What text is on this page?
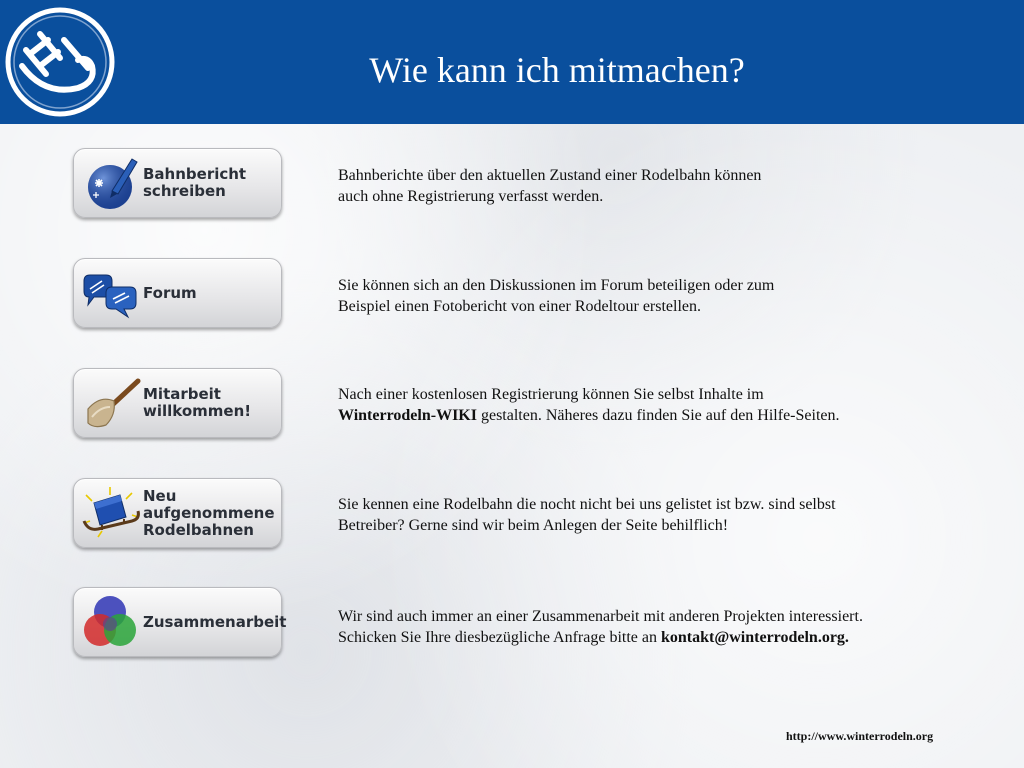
Wie kann ich mitmachen?
Bahnbericht
schreiben
Bahnberichte über den aktuellen Zustand einer Rodelbahn können
auch ohne Registrierung verfasst werden.
Forum	Sie können sich an den Diskussionen im Forum beteiligen oder zum
Beispiel einen Fotobericht von einer Rodeltour erstellen.
Mitarbeit
willkommen!
Nach einer kostenlosen Registrierung können Sie selbst Inhalte im
Winterrodeln-WIKI gestalten. Näheres dazu finden Sie auf den Hilfe-Seiten.
Neu
aufgenommene
Rodelbahnen
Sie kennen eine Rodelbahn die nocht nicht bei uns gelistet ist bzw. sind selbst
Betreiber? Gerne sind wir beim Anlegen der Seite behilflich!
Zusammenarbeit	Wir sind auch immer an einer Zusammenarbeit mit anderen Projekten interessiert.
Schicken Sie Ihre diesbezügliche Anfrage bitte an kontakt@winterrodeln.org.
http://www.winterrodeln.org
